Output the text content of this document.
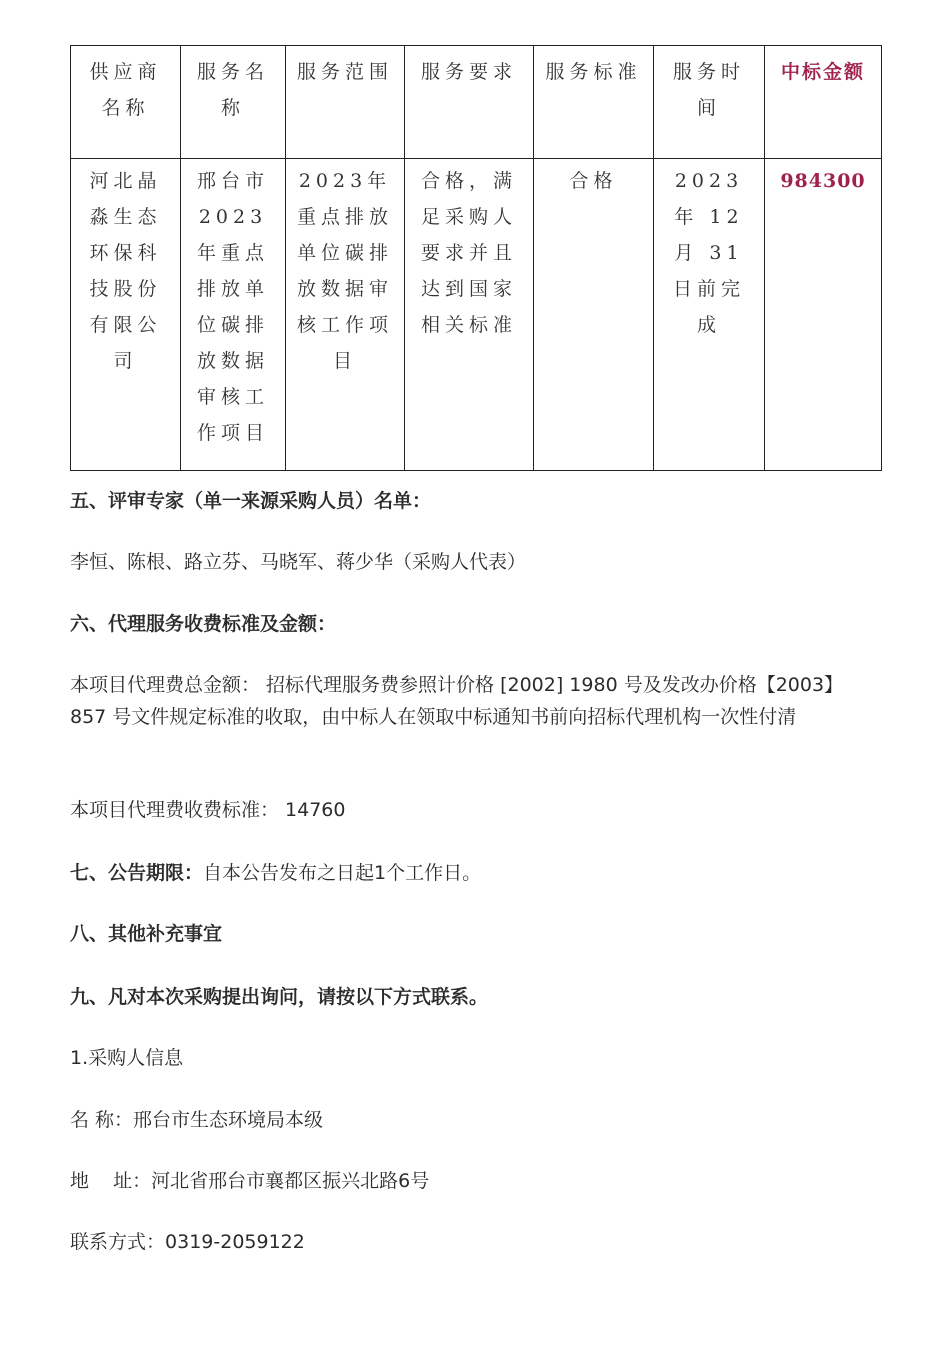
供应商名称	服务名称	服务范围	服务要求	服务标准	服务时间	中标金额
河北晶淼生态环保科技股份有限公司	邢台市2023年重点排放单位碳排放数据审核工作项目	2023年重点排放单位碳排放数据审核工作项目	合格，满足采购人要求并且达到国家相关标准	合格	2023 年 12 月 31 日前完成	984300

五、评审专家（单一来源采购人员）名单：

李恒、陈根、路立芬、马晓军、蒋少华（采购人代表）

六、代理服务收费标准及金额：

本项目代理费总金额： 招标代理服务费参照计价格 [2002] 1980 号及发改办价格【2003】 857 号文件规定标准的收取，由中标人在领取中标通知书前向招标代理机构一次性付清

本项目代理费收费标准： 14760

七、公告期限：自本公告发布之日起1个工作日。

八、其他补充事宜

九、凡对本次采购提出询问，请按以下方式联系。

1.采购人信息

名 称：邢台市生态环境局本级

地    址：河北省邢台市襄都区振兴北路6号

联系方式：0319-2059122
